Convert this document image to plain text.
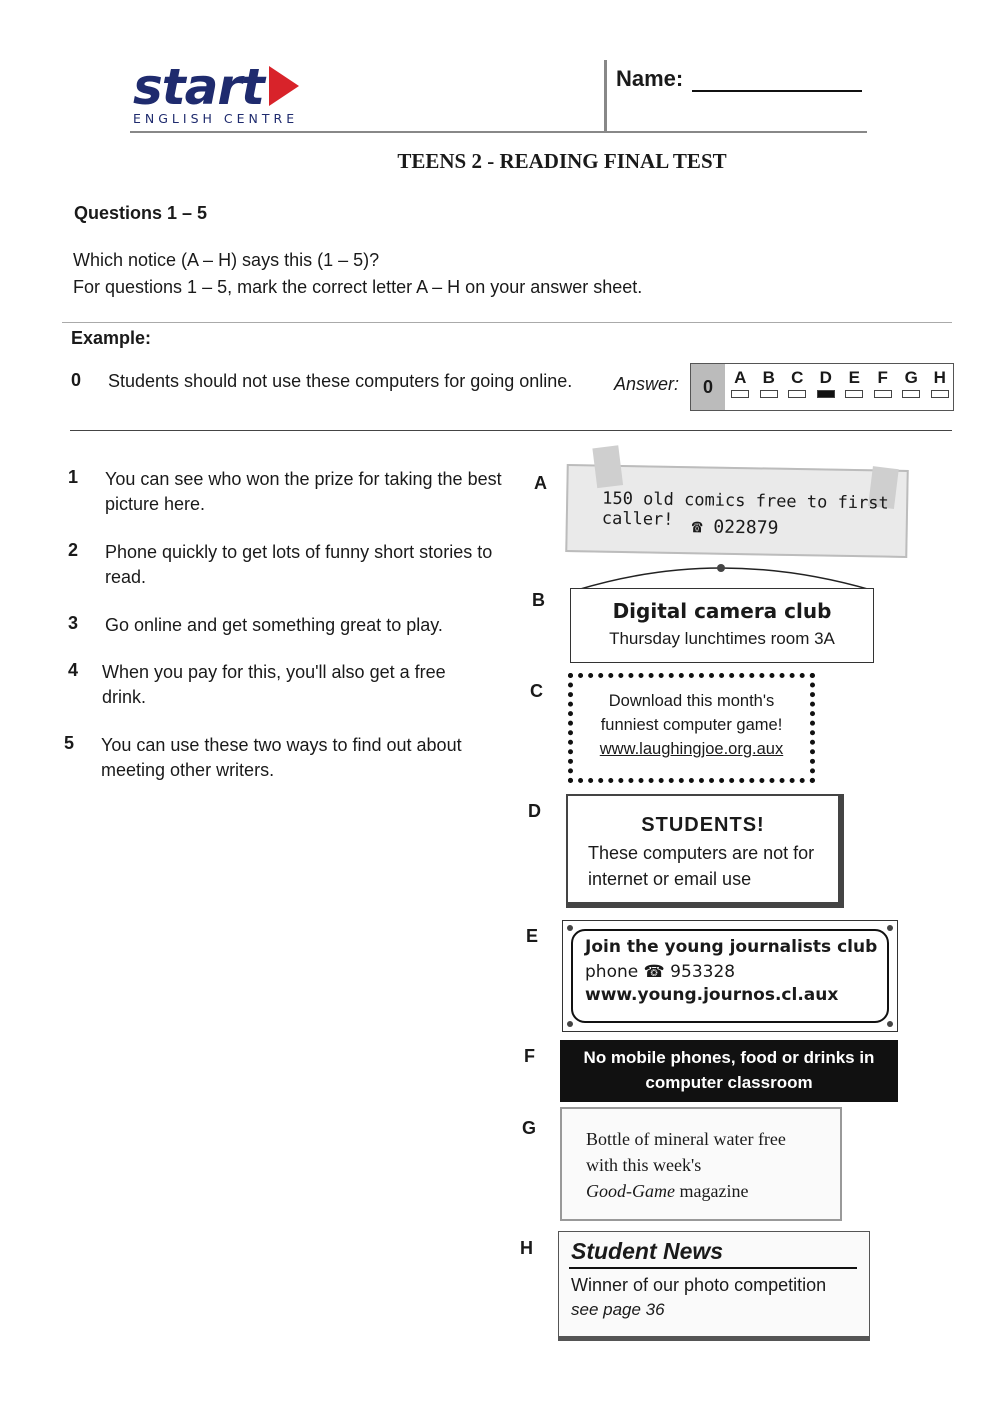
start
ENGLISH CENTRE
Name:
TEENS 2 - READING FINAL TEST
Questions 1 – 5
Which notice (A – H) says this (1 – 5)?
For questions 1 – 5, mark the correct letter A – H on your answer sheet.
Example:
0 Students should not use these computers for going online. Answer:	0	A B C D E F G H
1 You can see who won the prize for taking the best picture here.
2 Phone quickly to get lots of funny short stories to read.
3 Go online and get something great to play.
4 When you pay for this, you'll also get a free drink.
5 You can use these two ways to find out about meeting other writers.
A
B
C
D
E
F
G
H
150 old comics free to first caller! ☎ 022879
Digital camera club
Thursday lunchtimes room 3A
Download this month's
funniest computer game!
www.laughingjoe.org.aux
STUDENTS!
These computers are not for
internet or email use
Join the young journalists club
phone ☎ 953328
www.young.journos.cl.aux
No mobile phones, food or drinks in
computer classroom
Bottle of mineral water free
with this week's
Good-Game magazine
Student News
Winner of our photo competition
see page 36
